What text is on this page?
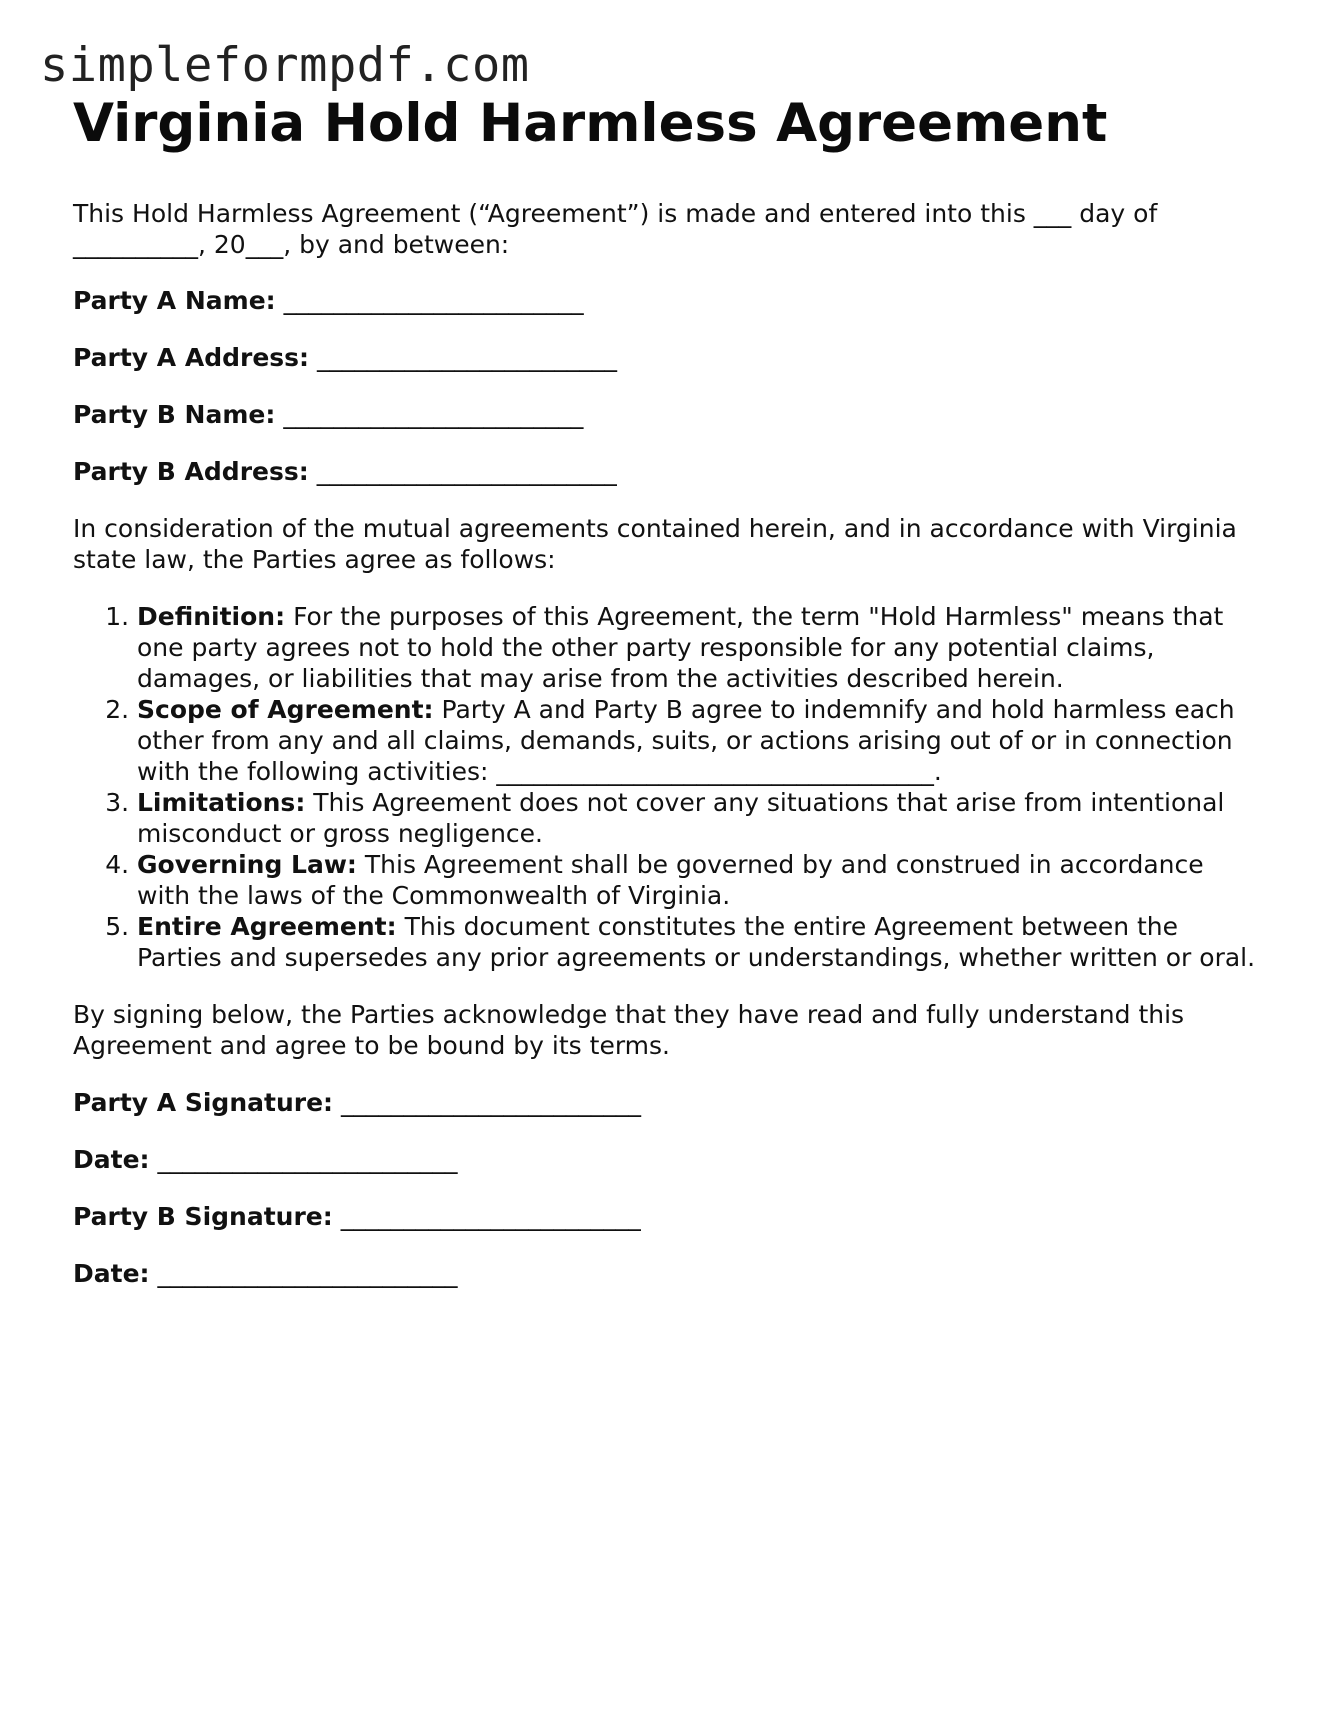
simpleformpdf.com
Virginia Hold Harmless Agreement

This Hold Harmless Agreement (“Agreement”) is made and entered into this ___ day of __________, 20___, by and between:

Party A Name: ________________________
Party A Address: ________________________
Party B Name: ________________________
Party B Address: ________________________

In consideration of the mutual agreements contained herein, and in accordance with Virginia state law, the Parties agree as follows:

1. Definition: For the purposes of this Agreement, the term "Hold Harmless" means that one party agrees not to hold the other party responsible for any potential claims, damages, or liabilities that may arise from the activities described herein.
2. Scope of Agreement: Party A and Party B agree to indemnify and hold harmless each other from any and all claims, demands, suits, or actions arising out of or in connection with the following activities: ___________________________________.
3. Limitations: This Agreement does not cover any situations that arise from intentional misconduct or gross negligence.
4. Governing Law: This Agreement shall be governed by and construed in accordance with the laws of the Commonwealth of Virginia.
5. Entire Agreement: This document constitutes the entire Agreement between the Parties and supersedes any prior agreements or understandings, whether written or oral.

By signing below, the Parties acknowledge that they have read and fully understand this Agreement and agree to be bound by its terms.

Party A Signature: ________________________
Date: ________________________
Party B Signature: ________________________
Date: ________________________
